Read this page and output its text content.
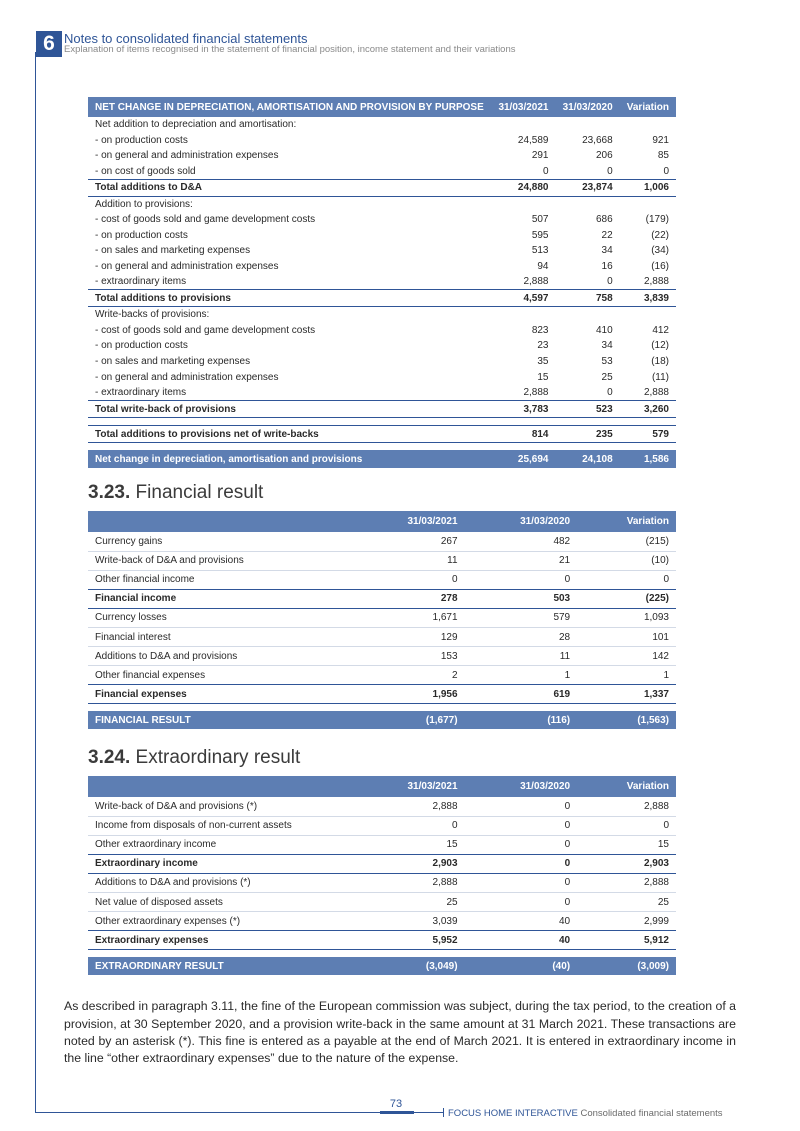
6 Notes to consolidated financial statements
Explanation of items recognised in the statement of financial position, income statement and their variations
NET CHANGE IN DEPRECIATION, AMORTISATION AND PROVISION BY PURPOSE	31/03/2021	31/03/2020	Variation
Net addition to depreciation and amortisation:			
- on production costs	24,589	23,668	921
- on general and administration expenses	291	206	85
- on cost of goods sold	0	0	0
Total additions to D&A	24,880	23,874	1,006
Addition to provisions:			
- cost of goods sold and game development costs	507	686	(179)
- on production costs	595	22	(22)
- on sales and marketing expenses	513	34	(34)
- on general and administration expenses	94	16	(16)
- extraordinary items	2,888	0	2,888
Total additions to provisions	4,597	758	3,839
Write-backs of provisions:			
- cost of goods sold and game development costs	823	410	412
- on production costs	23	34	(12)
- on sales and marketing expenses	35	53	(18)
- on general and administration expenses	15	25	(11)
- extraordinary items	2,888	0	2,888
Total write-back of provisions	3,783	523	3,260

Total additions to provisions net of write-backs	814	235	579

Net change in depreciation, amortisation and provisions	25,694	24,108	1,586
3.23. Financial result
	31/03/2021	31/03/2020	Variation
Currency gains	267	482	(215)
Write-back of D&A and provisions	11	21	(10)
Other financial income	0	0	0
Financial income	278	503	(225)
Currency losses	1,671	579	1,093
Financial interest	129	28	101
Additions to D&A and provisions	153	11	142
Other financial expenses	2	1	1
Financial expenses	1,956	619	1,337

FINANCIAL RESULT	(1,677)	(116)	(1,563)
3.24. Extraordinary result
	31/03/2021	31/03/2020	Variation
Write-back of D&A and provisions (*)	2,888	0	2,888
Income from disposals of non-current assets	0	0	0
Other extraordinary income	15	0	15
Extraordinary income	2,903	0	2,903
Additions to D&A and provisions (*)	2,888	0	2,888
Net value of disposed assets	25	0	25
Other extraordinary expenses (*)	3,039	40	2,999
Extraordinary expenses	5,952	40	5,912

EXTRAORDINARY RESULT	(3,049)	(40)	(3,009)

As described in paragraph 3.11, the fine of the European commission was subject, during the tax period, to the creation of a provision, at 30 September 2020, and a provision write-back in the same amount at 31 March 2021. These transactions are noted by an asterisk (*). This fine is entered as a payable at the end of March 2021. It is entered in extraordinary income in the line “other extraordinary expenses” due to the nature of the expense.

73
FOCUS HOME INTERACTIVE Consolidated financial statements
